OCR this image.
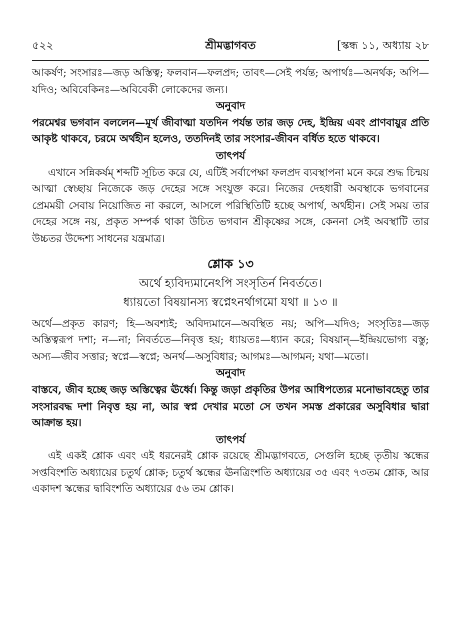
৫২২	শ্রীমদ্ভাগবত	[স্কন্ধ ১১, অধ্যায় ২৮

আকর্ষণ; সংসারঃ—জড় অস্তিত্ব; ফলবান—ফলপ্রদ; তাবৎ—সেই পর্যন্ত; অপার্থঃ—অনর্থক; অপি—যদিও; অবিবেকিনঃ—অবিবেকী লোকেদের জন্য।

অনুবাদ

পরমেশ্বর ভগবান বললেন—মূর্খ জীবাত্মা যতদিন পর্যন্ত তার জড় দেহ, ইন্দ্রিয় এবং প্রাণবায়ুর প্রতি আকৃষ্ট থাকবে, চরমে অর্থহীন হলেও, ততদিনই তার সংসার-জীবন বর্ধিত হতে থাকবে।

তাৎপর্য

এখানে সন্নিকর্ষম্ শব্দটি সূচিত করে যে, এটিই সর্বাপেক্ষা ফলপ্রদ ব্যবস্থাপনা মনে করে শুদ্ধ চিন্ময় আত্মা স্বেচ্ছায় নিজেকে জড় দেহের সঙ্গে সংযুক্ত করে। নিজের দেহধারী অবস্থাকে ভগবানের প্রেমময়ী সেবায় নিয়োজিত না করলে, আসলে পরিস্থিতিটি হচ্ছে অপার্থ, অর্থহীন। সেই সময় তার দেহের সঙ্গে নয়, প্রকৃত সম্পর্ক থাকা উচিত ভগবান শ্রীকৃষ্ণের সঙ্গে, কেননা সেই অবস্থাটি তার উচ্চতর উদ্দেশ্য সাধনের যন্ত্রমাত্র।

শ্লোক ১৩
অর্থে হ্যবিদ্যমানেঽপি সংসৃতির্ন নিবর্ততে।
ধ্যায়তো বিষয়ানস্য স্বপ্নেঽনর্থাগমো যথা ॥ ১৩ ॥

অর্থে—প্রকৃত কারণ; হি—অবশ্যই; অবিদ্যমানে—অবস্থিত নয়; অপি—যদিও; সংসৃতিঃ—জড় অস্তিত্বরূপ দশা; ন—না; নিবর্ততে—নিবৃত্ত হয়; ধ্যায়তঃ—ধ্যান করে; বিষয়ান্—ইন্দ্রিয়ভোগ্য বস্তু; অস্য—জীব সত্তার; স্বপ্নে—স্বপ্নে; অনর্থ—অসুবিধার; আগমঃ—আগমন; যথা—মতো।

অনুবাদ

বাস্তবে, জীব হচ্ছে জড় অস্তিত্বের ঊর্ধ্বে। কিন্তু জড়া প্রকৃতির উপর আধিপত্যের মনোভাবহেতু তার সংসারবদ্ধ দশা নিবৃত্ত হয় না, আর স্বপ্ন দেখার মতো সে তখন সমস্ত প্রকারের অসুবিধার দ্বারা আক্রান্ত হয়।

তাৎপর্য

এই একই শ্লোক এবং এই ধরনেরই শ্লোক রয়েছে শ্রীমদ্ভাগবতে, সেগুলি হচ্ছে তৃতীয় স্কন্ধের সপ্তবিংশতি অধ্যায়ের চতুর্থ শ্লোক; চতুর্থ স্কন্ধের ঊনত্রিংশতি অধ্যায়ের ৩৫ এবং ৭৩তম শ্লোক, আর একাদশ স্কন্ধের দ্বাবিংশতি অধ্যায়ের ৫৬ তম শ্লোক।
